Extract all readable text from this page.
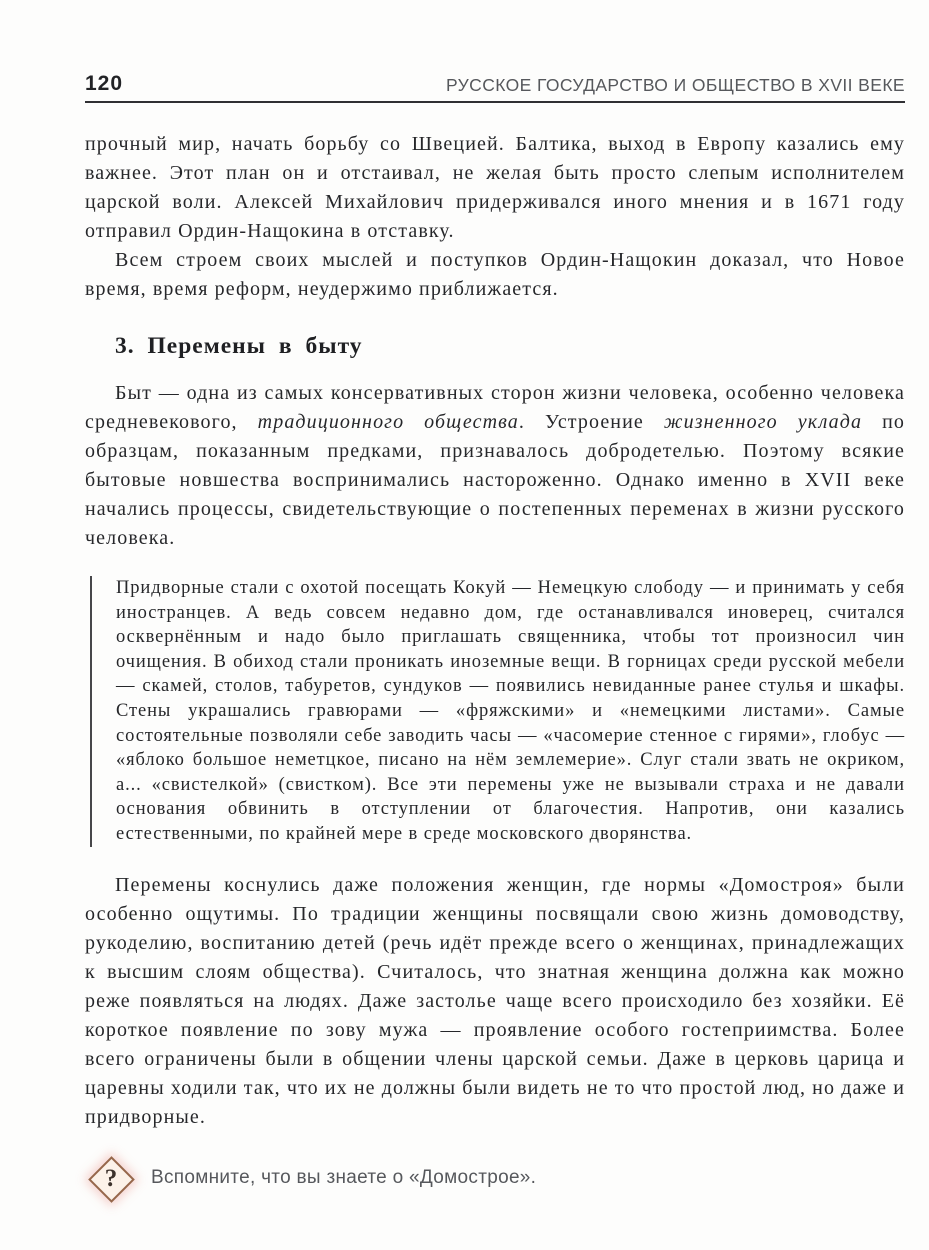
120	РУССКОЕ ГОСУДАРСТВО И ОБЩЕСТВО В XVII ВЕКЕ

прочный мир, начать борьбу со Швецией. Балтика, выход в Европу казались ему важнее. Этот план он и отстаивал, не желая быть просто слепым исполнителем царской воли. Алексей Михайлович придерживался иного мнения и в 1671 году отправил Ордин-Нащокина в отставку.

Всем строем своих мыслей и поступков Ордин-Нащокин доказал, что Новое время, время реформ, неудержимо приближается.

3. Перемены в быту

Быт — одна из самых консервативных сторон жизни человека, особенно человека средневекового, традиционного общества. Устроение жизненного уклада по образцам, показанным предками, признавалось добродетелью. Поэтому всякие бытовые новшества воспринимались настороженно. Однако именно в XVII веке начались процессы, свидетельствующие о постепенных переменах в жизни русского человека.

Придворные стали с охотой посещать Кокуй — Немецкую слободу — и принимать у себя иностранцев. А ведь совсем недавно дом, где останавливался иноверец, считался осквернённым и надо было приглашать священника, чтобы тот произносил чин очищения. В обиход стали проникать иноземные вещи. В горницах среди русской мебели — скамей, столов, табуретов, сундуков — появились невиданные ранее стулья и шкафы. Стены украшались гравюрами — «фряжскими» и «немецкими листами». Самые состоятельные позволяли себе заводить часы — «часомерие стенное с гирями», глобус — «яблоко большое неметцкое, писано на нём землемерие». Слуг стали звать не окриком, а... «свистелкой» (свистком). Все эти перемены уже не вызывали страха и не давали основания обвинить в отступлении от благочестия. Напротив, они казались естественными, по крайней мере в среде московского дворянства.

Перемены коснулись даже положения женщин, где нормы «Домостроя» были особенно ощутимы. По традиции женщины посвящали свою жизнь домоводству, рукоделию, воспитанию детей (речь идёт прежде всего о женщинах, принадлежащих к высшим слоям общества). Считалось, что знатная женщина должна как можно реже появляться на людях. Даже застолье чаще всего происходило без хозяйки. Её короткое появление по зову мужа — проявление особого гостеприимства. Более всего ограничены были в общении члены царской семьи. Даже в церковь царица и царевны ходили так, что их не должны были видеть не то что простой люд, но даже и придворные.

?	Вспомните, что вы знаете о «Домострое».
